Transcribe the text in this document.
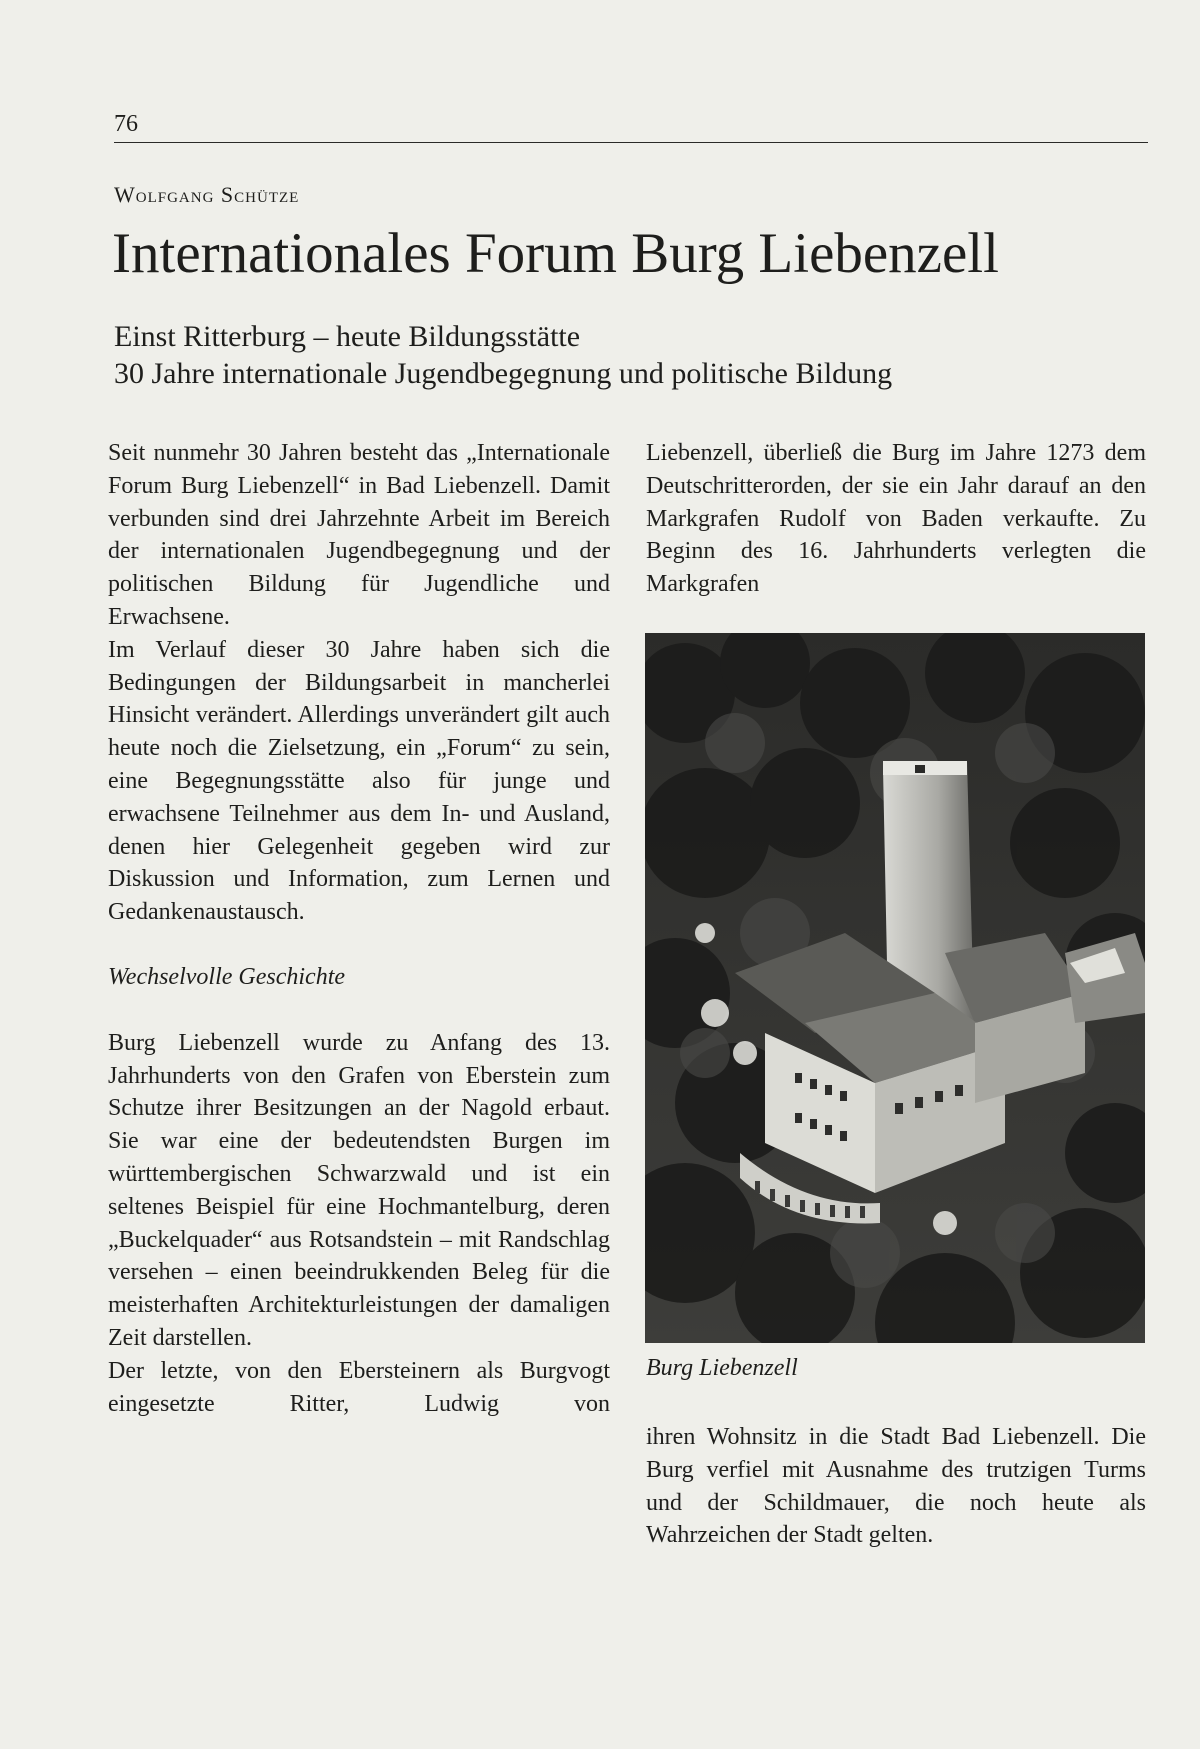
76
Wolfgang Schütze
Internationales Forum Burg Liebenzell
Einst Ritterburg – heute Bildungsstätte
30 Jahre internationale Jugendbegegnung und politische Bildung

Seit nunmehr 30 Jahren besteht das „Internationale Forum Burg Liebenzell“ in Bad Liebenzell. Damit verbunden sind drei Jahrzehnte Arbeit im Bereich der internationalen Jugendbegegnung und der politischen Bildung für Jugendliche und Erwachsene.

Im Verlauf dieser 30 Jahre haben sich die Bedingungen der Bildungsarbeit in mancherlei Hinsicht verändert. Allerdings unverändert gilt auch heute noch die Zielsetzung, ein „Forum“ zu sein, eine Begegnungsstätte also für junge und erwachsene Teilnehmer aus dem In- und Ausland, denen hier Gelegenheit gegeben wird zur Diskussion und Information, zum Lernen und Gedankenaustausch.

Wechselvolle Geschichte

Burg Liebenzell wurde zu Anfang des 13. Jahrhunderts von den Grafen von Eberstein zum Schutze ihrer Besitzungen an der Nagold erbaut. Sie war eine der bedeutendsten Burgen im württembergischen Schwarzwald und ist ein seltenes Beispiel für eine Hochmantelburg, deren „Buckelquader“ aus Rotsandstein – mit Randschlag versehen – einen beeindrukkenden Beleg für die meisterhaften Architekturleistungen der damaligen Zeit darstellen.

Der letzte, von den Ebersteinern als Burgvogt eingesetzte Ritter, Ludwig von

Liebenzell, überließ die Burg im Jahre 1273 dem Deutschritterorden, der sie ein Jahr darauf an den Markgrafen Rudolf von Baden verkaufte. Zu Beginn des 16. Jahrhunderts verlegten die Markgrafen
Burg Liebenzell
ihren Wohnsitz in die Stadt Bad Liebenzell. Die Burg verfiel mit Ausnahme des trutzigen Turms und der Schildmauer, die noch heute als Wahrzeichen der Stadt gelten.
